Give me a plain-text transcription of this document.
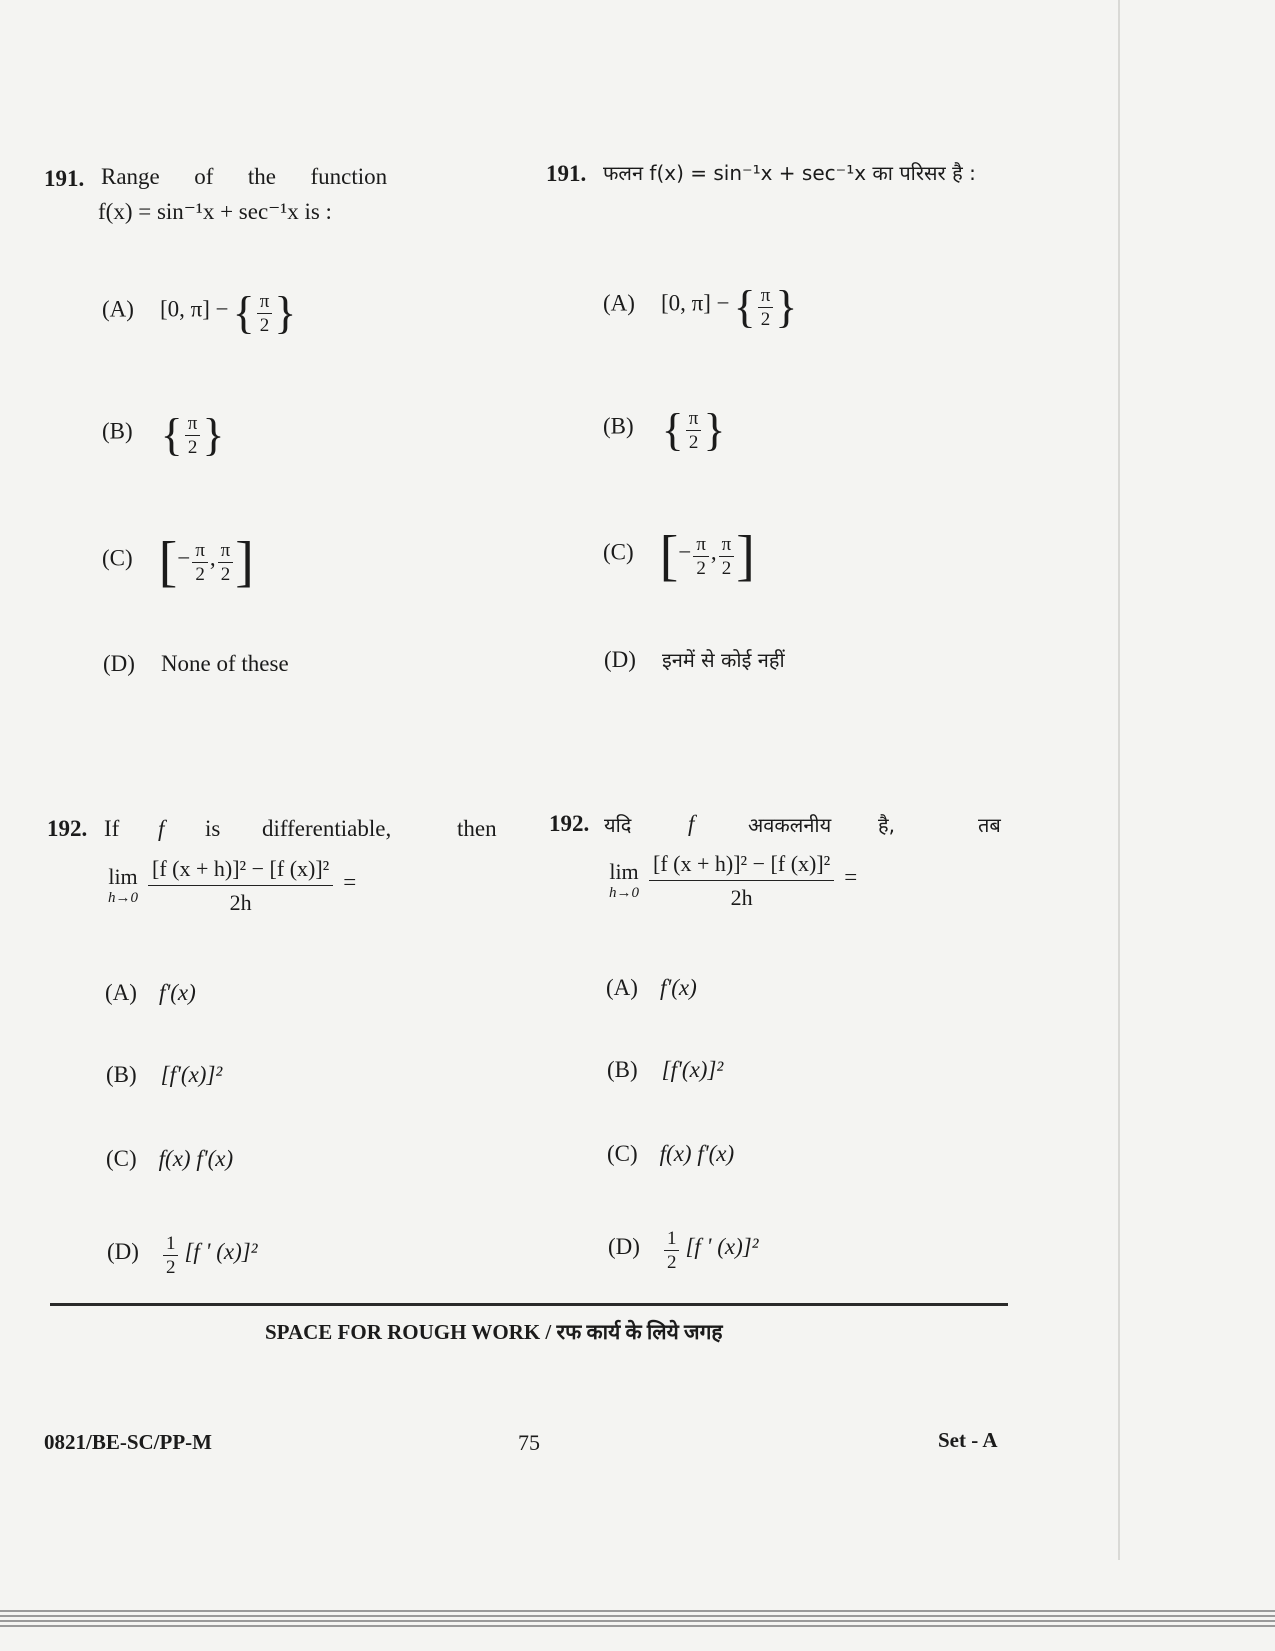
191. Range      of      the      function
f(x) = sin⁻¹x + sec⁻¹x is :
191. फलन f(x) = sin⁻¹x + sec⁻¹x का परिसर है :
(A) [0, π] − { $\frac{\pi}{2}$ }
(B) { $\frac{\pi}{2}$ }
(C) [− $\frac{\pi}{2}$ , $\frac{\pi}{2}$ ]
(D) None of these
(A) [0, π] − { $\frac{\pi}{2}$ }
(B) { $\frac{\pi}{2}$ }
(C) [− $\frac{\pi}{2}$ , $\frac{\pi}{2}$ ]
(D) इनमें से कोई नहीं
192. If f is differentiable,	then
lim
h→0
$\frac{\text{[f (x + h)]² − [f (x)]²}}{2h}$ =
192. यदि f	अवकलनीय है,	तब
lim
h→0
$\frac{\text{[f (x + h)]² − [f (x)]²}}{2h}$ =
(A) f'(x)
(B) [f'(x)]²
(C) f(x) f'(x)
$(D) \frac{1}{2} [f$ ' (x)]²
(A) f'(x)
(B) [f'(x)]²
(C) f(x) f'(x)
$(D) \frac{1}{2} [f$ ' (x)]²
SPACE FOR ROUGH WORK / रफ कार्य के लिये जगह
0821/BE-SC/PP-M	75	Set - A
